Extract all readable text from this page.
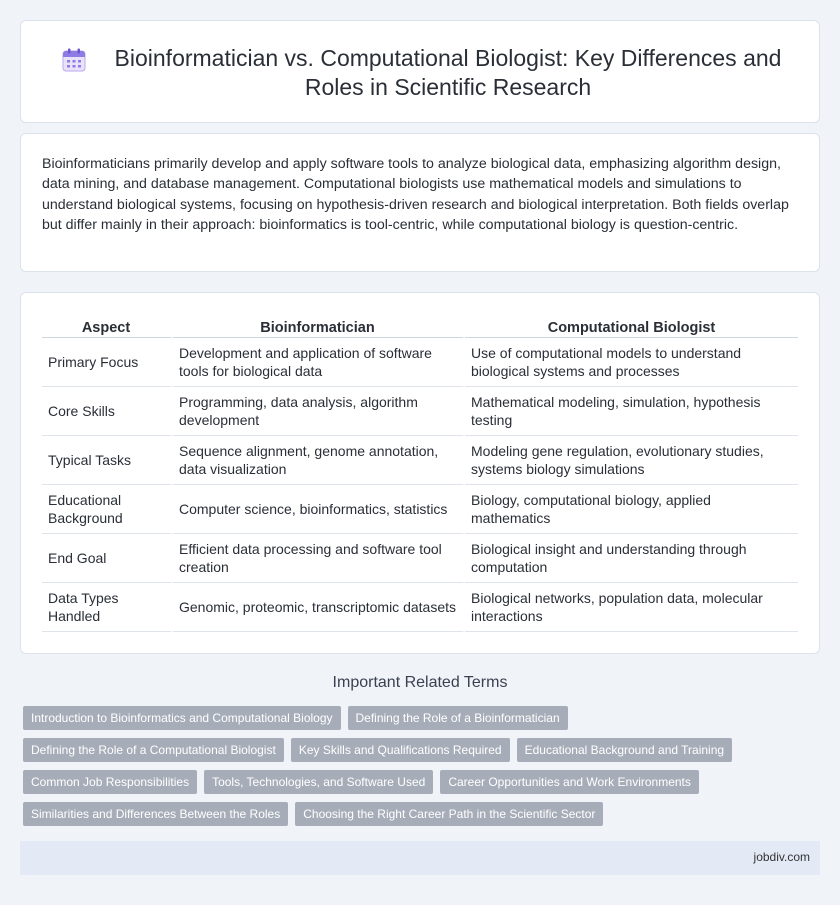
Bioinformatician vs. Computational Biologist: Key Differences and Roles in Scientific Research

Bioinformaticians primarily develop and apply software tools to analyze biological data, emphasizing algorithm design, data mining, and database management. Computational biologists use mathematical models and simulations to understand biological systems, focusing on hypothesis-driven research and biological interpretation. Both fields overlap but differ mainly in their approach: bioinformatics is tool-centric, while computational biology is question-centric.

Aspect	Bioinformatician	Computational Biologist
Primary Focus	Development and application of software tools for biological data	Use of computational models to understand biological systems and processes
Core Skills	Programming, data analysis, algorithm development	Mathematical modeling, simulation, hypothesis testing
Typical Tasks	Sequence alignment, genome annotation, data visualization	Modeling gene regulation, evolutionary studies, systems biology simulations
Educational Background	Computer science, bioinformatics, statistics	Biology, computational biology, applied mathematics
End Goal	Efficient data processing and software tool creation	Biological insight and understanding through computation
Data Types Handled	Genomic, proteomic, transcriptomic datasets	Biological networks, population data, molecular interactions
Important Related Terms
Introduction to Bioinformatics and Computational Biology	Defining the Role of a Bioinformatician
Defining the Role of a Computational Biologist	Key Skills and Qualifications Required	Educational Background and Training
Common Job Responsibilities	Tools, Technologies, and Software Used	Career Opportunities and Work Environments
Similarities and Differences Between the Roles	Choosing the Right Career Path in the Scientific Sector
jobdiv.com
